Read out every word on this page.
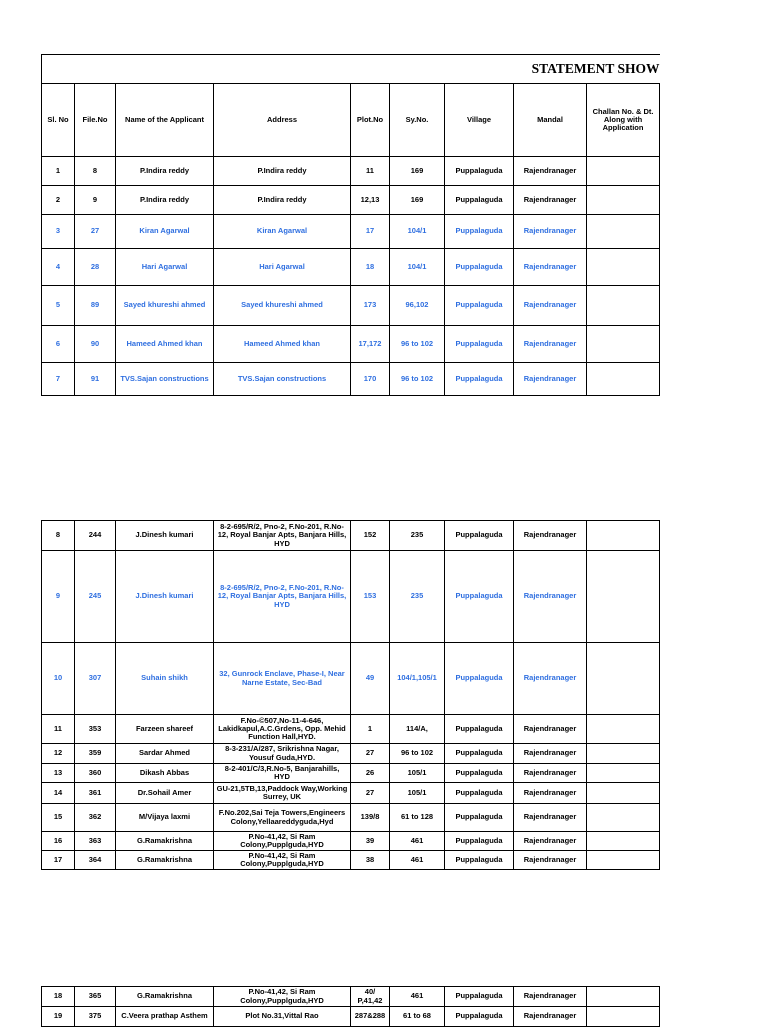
STATEMENT SHOW								
Sl. No	File.No	Name of the Applicant	Address	Plot.No	Sy.No.	Village	Mandal	Challan No. & Dt. Along with Application
1	8	P.Indira reddy	P.Indira reddy	11	169	Puppalaguda	Rajendranager	
2	9	P.Indira reddy	P.Indira reddy	12,13	169	Puppalaguda	Rajendranager	
3	27	Kiran Agarwal	Kiran Agarwal	17	104/1	Puppalaguda	Rajendranager	
4	28	Hari Agarwal	Hari Agarwal	18	104/1	Puppalaguda	Rajendranager	
5	89	Sayed khureshi ahmed	Sayed khureshi ahmed	173	96,102	Puppalaguda	Rajendranager	
6	90	Hameed Ahmed khan	Hameed Ahmed khan	17,172	96 to 102	Puppalaguda	Rajendranager	
7	91	TVS.Sajan constructions	TVS.Sajan constructions	170	96 to 102	Puppalaguda	Rajendranager	
8	244	J.Dinesh kumari	8-2-695/R/2, Pno-2, F.No-201, R.No-12, Royal Banjar Apts, Banjara Hills, HYD	152	235	Puppalaguda	Rajendranager	
9	245	J.Dinesh kumari	8-2-695/R/2, Pno-2, F.No-201, R.No-12, Royal Banjar Apts, Banjara Hills, HYD	153	235	Puppalaguda	Rajendranager	
10	307	Suhain shikh	32, Gunrock Enclave, Phase-I, Near Narne Estate, Sec-Bad	49	104/1,105/1	Puppalaguda	Rajendranager	
11	353	Farzeen shareef	F.No-©507,No-11-4-646, Lakidkapul,A.C.Grdens, Opp. Mehid Function Hall,HYD.	1	114/A,	Puppalaguda	Rajendranager	
12	359	Sardar Ahmed	8-3-231/A/287, Srikrishna Nagar, Yousuf Guda,HYD.	27	96 to 102	Puppalaguda	Rajendranager	
13	360	Dikash Abbas	8-2-401/C/3,R.No-5, Banjarahills, HYD	26	105/1	Puppalaguda	Rajendranager	
14	361	Dr.Sohail Amer	GU-21,5TB,13,Paddock Way,Working Surrey, UK	27	105/1	Puppalaguda	Rajendranager	
15	362	M/Vijaya laxmi	F.No.202,Sai Teja Towers,Engineers Colony,Yellaareddyguda,Hyd	139/8	61 to 128	Puppalaguda	Rajendranager	
16	363	G.Ramakrishna	P.No-41,42, Si Ram Colony,Pupplguda,HYD	39	461	Puppalaguda	Rajendranager	
17	364	G.Ramakrishna	P.No-41,42, Si Ram Colony,Pupplguda,HYD	38	461	Puppalaguda	Rajendranager	
18	365	G.Ramakrishna	P.No-41,42, Si Ram Colony,Pupplguda,HYD	40/ P,41,42	461	Puppalaguda	Rajendranager	
19	375	C.Veera prathap Asthem	Plot No.31,Vittal Rao	287&288	61 to 68	Puppalaguda	Rajendranager	
